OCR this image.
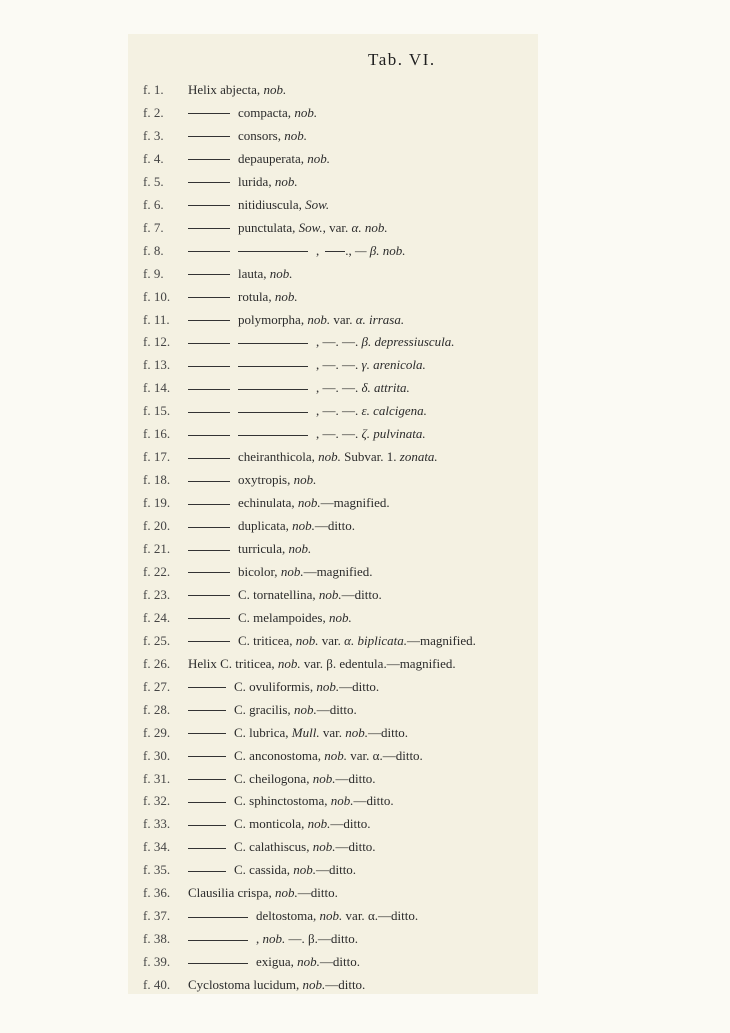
Tab. VI.
f. 1.	Helix abjecta, nob.
f. 2.	compacta, nob.
f. 3.	consors, nob.
f. 4.	depauperata, nob.
f. 5.	lurida, nob.
f. 6.	nitidiuscula, Sow.
f. 7.	punctulata, Sow., var. α. nob.
f. 8.	, ., — β. nob.
f. 9.	lauta, nob.
f. 10.	rotula, nob.
f. 11.	polymorpha, nob. var. α. irrasa.
f. 12.	, —. —. β. depressiuscula.
f. 13.	, —. —. γ. arenicola.
f. 14.	, —. —. δ. attrita.
f. 15.	, —. —. ε. calcigena.
f. 16.	, —. —. ζ. pulvinata.
f. 17.	cheiranthicola, nob. Subvar. 1. zonata.
f. 18.	oxytropis, nob.
f. 19.	echinulata, nob.—magnified.
f. 20.	duplicata, nob.—ditto.
f. 21.	turricula, nob.
f. 22.	bicolor, nob.—magnified.
f. 23.	C. tornatellina, nob.—ditto.
f. 24.	C. melampoides, nob.
f. 25.	C. triticea, nob. var. α. biplicata.—magnified.
f. 26.	Helix C. triticea, nob. var. β. edentula.—magnified.
f. 27.	C. ovuliformis, nob.—ditto.
f. 28.	C. gracilis, nob.—ditto.
f. 29.	C. lubrica, Mull. var. nob.—ditto.
f. 30.	C. anconostoma, nob. var. α.—ditto.
f. 31.	C. cheilogona, nob.—ditto.
f. 32.	C. sphinctostoma, nob.—ditto.
f. 33.	C. monticola, nob.—ditto.
f. 34.	C. calathiscus, nob.—ditto.
f. 35.	C. cassida, nob.—ditto.
f. 36.	Clausilia crispa, nob.—ditto.
f. 37.	deltostoma, nob. var. α.—ditto.
f. 38.	, nob. —. β.—ditto.
f. 39.	exigua, nob.—ditto.
f. 40.	Cyclostoma lucidum, nob.—ditto.
